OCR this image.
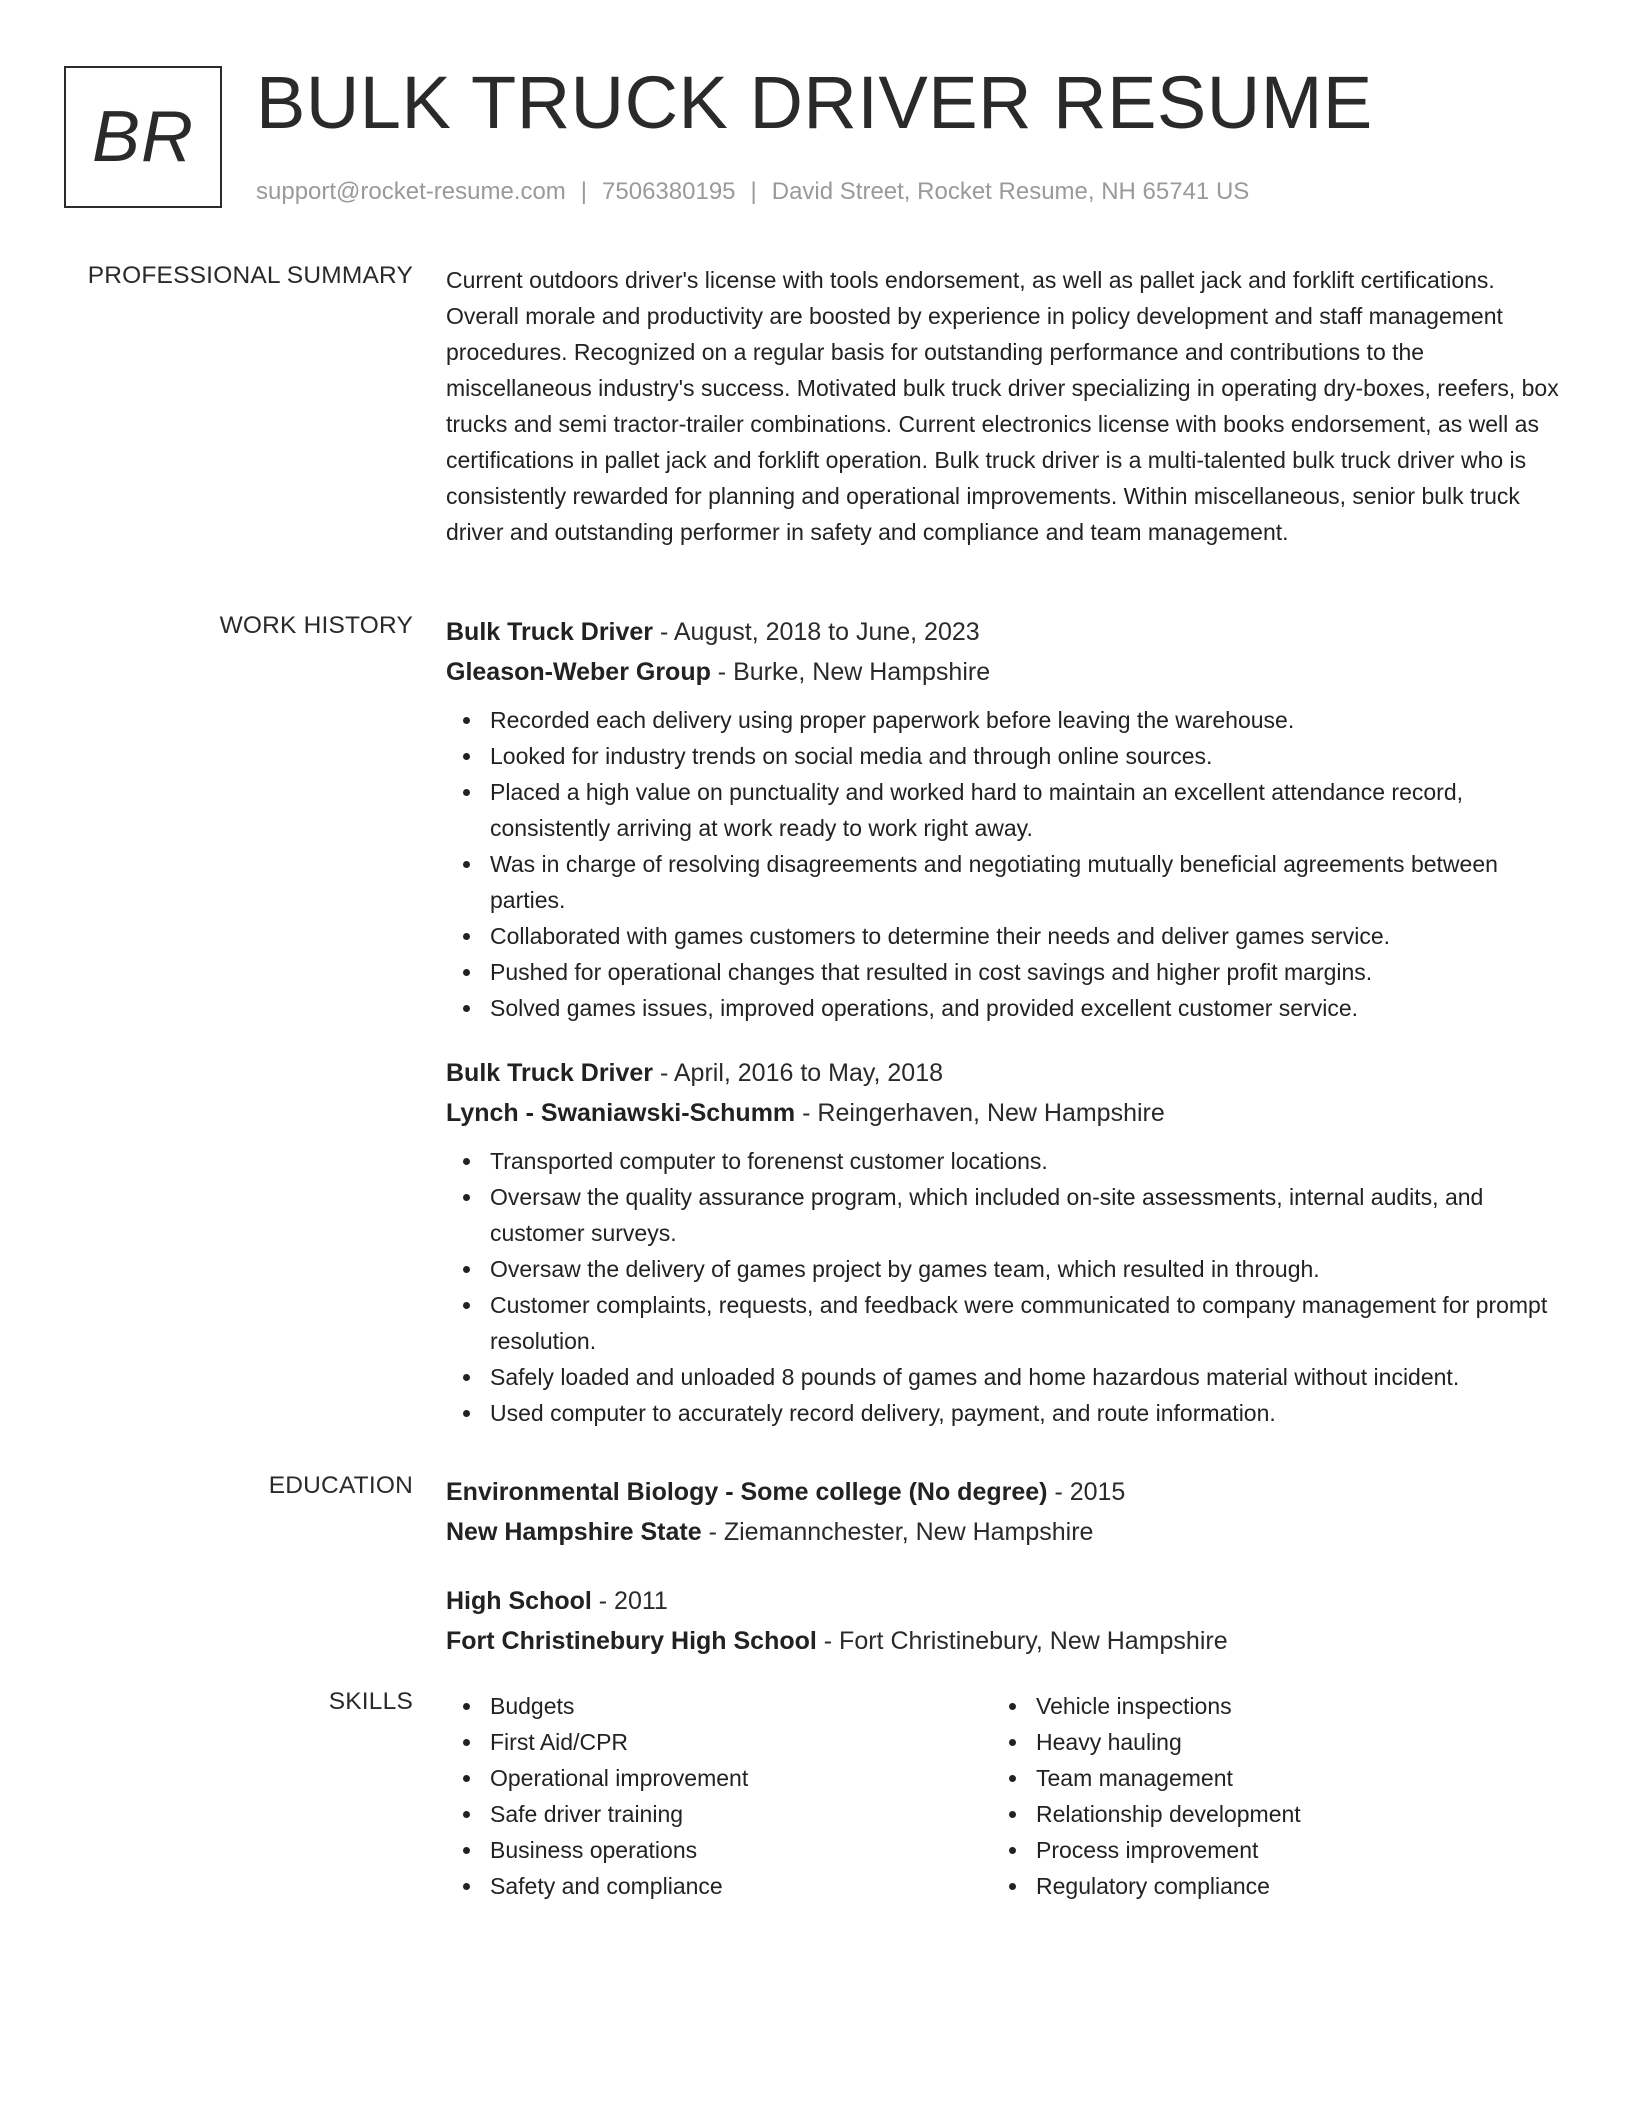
BR BULK TRUCK DRIVER RESUME
support@rocket-resume.com | 7506380195 | David Street, Rocket Resume, NH 65741 US
PROFESSIONAL SUMMARY Current outdoors driver's license with tools endorsement, as well as pallet jack and forklift certifications. Overall morale and productivity are boosted by experience in policy development and staff management procedures. Recognized on a regular basis for outstanding performance and contributions to the miscellaneous industry's success. Motivated bulk truck driver specializing in operating dry-boxes, reefers, box trucks and semi tractor-trailer combinations. Current electronics license with books endorsement, as well as certifications in pallet jack and forklift operation. Bulk truck driver is a multi-talented bulk truck driver who is consistently rewarded for planning and operational improvements. Within miscellaneous, senior bulk truck driver and outstanding performer in safety and compliance and team management.
WORK HISTORY Bulk Truck Driver - August, 2018 to June, 2023
Gleason-Weber Group - Burke, New Hampshire
Recorded each delivery using proper paperwork before leaving the warehouse.
Looked for industry trends on social media and through online sources.
Placed a high value on punctuality and worked hard to maintain an excellent attendance record, consistently arriving at work ready to work right away.
Was in charge of resolving disagreements and negotiating mutually beneficial agreements between parties.
Collaborated with games customers to determine their needs and deliver games service.
Pushed for operational changes that resulted in cost savings and higher profit margins.
Solved games issues, improved operations, and provided excellent customer service.
Bulk Truck Driver - April, 2016 to May, 2018
Lynch - Swaniawski-Schumm - Reingerhaven, New Hampshire
Transported computer to forenenst customer locations.
Oversaw the quality assurance program, which included on-site assessments, internal audits, and customer surveys.
Oversaw the delivery of games project by games team, which resulted in through.
Customer complaints, requests, and feedback were communicated to company management for prompt resolution.
Safely loaded and unloaded 8 pounds of games and home hazardous material without incident.
Used computer to accurately record delivery, payment, and route information.
EDUCATION Environmental Biology - Some college (No degree) - 2015
New Hampshire State - Ziemannchester, New Hampshire
High School - 2011
Fort Christinebury High School - Fort Christinebury, New Hampshire
SKILLS	Budgets
First Aid/CPR
Operational improvement
Safe driver training
Business operations
Safety and compliance
Vehicle inspections
Heavy hauling
Team management
Relationship development
Process improvement
Regulatory compliance
